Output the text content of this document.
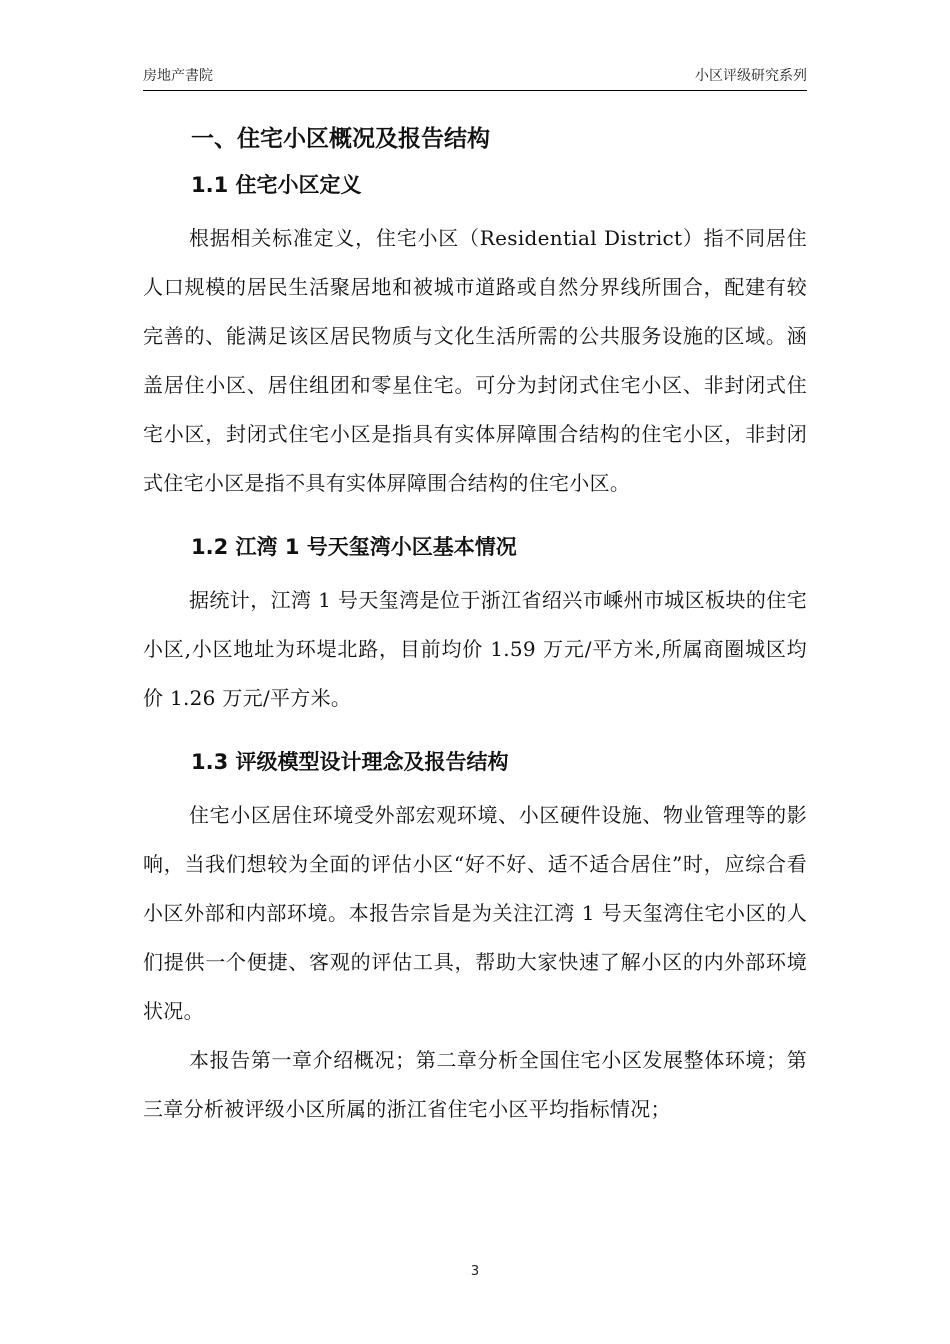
房地产書院	小区评级研究系列
一、住宅小区概况及报告结构
1.1 住宅小区定义

根据相关标准定义，住宅小区（Residential District）指不同居住人口规模的居民生活聚居地和被城市道路或自然分界线所围合，配建有较完善的、能满足该区居民物质与文化生活所需的公共服务设施的区域。涵盖居住小区、居住组团和零星住宅。可分为封闭式住宅小区、非封闭式住宅小区，封闭式住宅小区是指具有实体屏障围合结构的住宅小区，非封闭式住宅小区是指不具有实体屏障围合结构的住宅小区。

1.2 江湾 1 号天玺湾小区基本情况

据统计，江湾 1 号天玺湾是位于浙江省绍兴市嵊州市城区板块的住宅小区,小区地址为环堤北路，目前均价 1.59 万元/平方米,所属商圈城区均价 1.26 万元/平方米。

1.3 评级模型设计理念及报告结构

住宅小区居住环境受外部宏观环境、小区硬件设施、物业管理等的影响，当我们想较为全面的评估小区“好不好、适不适合居住”时，应综合看小区外部和内部环境。本报告宗旨是为关注江湾 1 号天玺湾住宅小区的人们提供一个便捷、客观的评估工具，帮助大家快速了解小区的内外部环境状况。

本报告第一章介绍概况；第二章分析全国住宅小区发展整体环境；第三章分析被评级小区所属的浙江省住宅小区平均指标情况；

3
